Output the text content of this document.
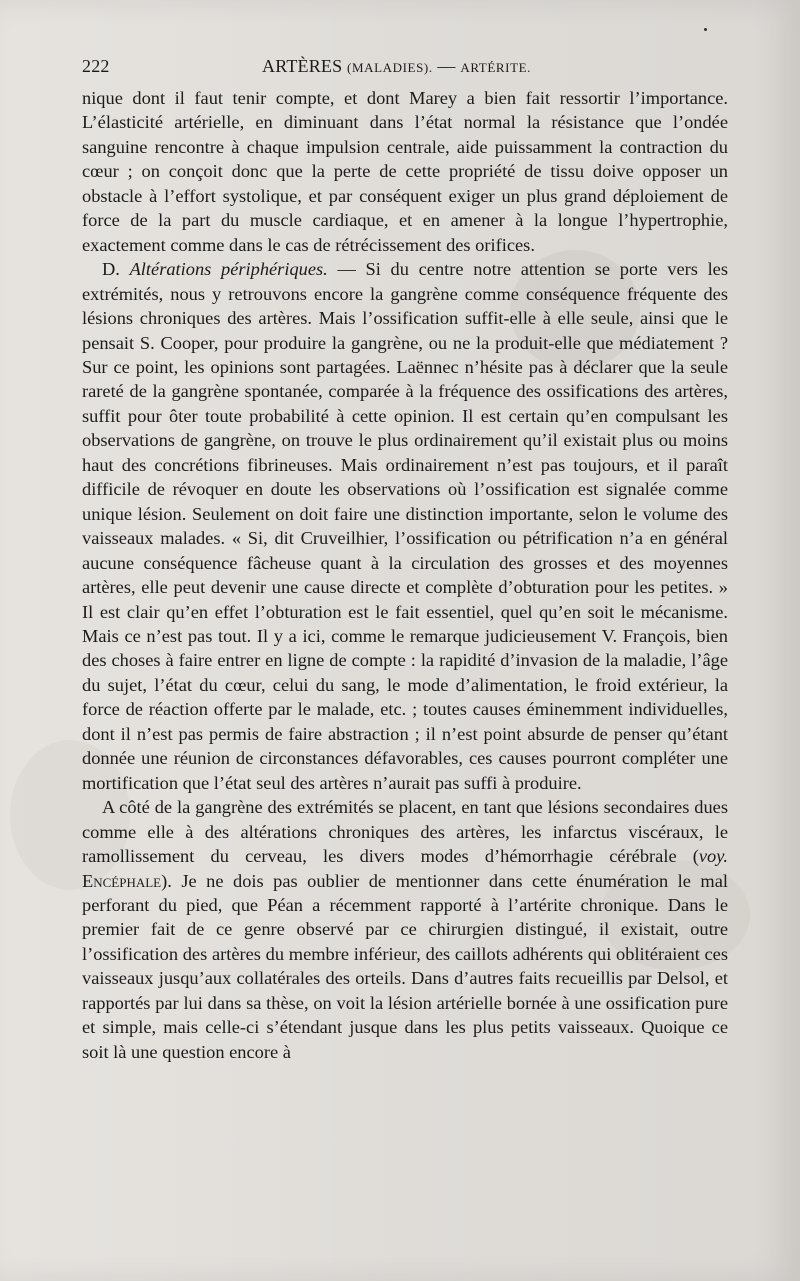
222	ARTÈRES (MALADIES). — ARTÉRITE.

nique dont il faut tenir compte, et dont Marey a bien fait ressortir l’importance. L’élasticité artérielle, en diminuant dans l’état normal la résistance que l’ondée sanguine rencontre à chaque impulsion centrale, aide puissamment la contraction du cœur ; on conçoit donc que la perte de cette propriété de tissu doive opposer un obstacle à l’effort systolique, et par conséquent exiger un plus grand déploiement de force de la part du muscle cardiaque, et en amener à la longue l’hypertrophie, exactement comme dans le cas de rétrécissement des orifices.

D. Altérations périphériques. — Si du centre notre attention se porte vers les extrémités, nous y retrouvons encore la gangrène comme conséquence fréquente des lésions chroniques des artères. Mais l’ossification suffit-elle à elle seule, ainsi que le pensait S. Cooper, pour produire la gangrène, ou ne la produit-elle que médiatement ? Sur ce point, les opinions sont partagées. Laënnec n’hésite pas à déclarer que la seule rareté de la gangrène spontanée, comparée à la fréquence des ossifications des artères, suffit pour ôter toute probabilité à cette opinion. Il est certain qu’en compulsant les observations de gangrène, on trouve le plus ordinairement qu’il existait plus ou moins haut des concrétions fibrineuses. Mais ordinairement n’est pas toujours, et il paraît difficile de révoquer en doute les observations où l’ossification est signalée comme unique lésion. Seulement on doit faire une distinction importante, selon le volume des vaisseaux malades. « Si, dit Cruveilhier, l’ossification ou pétrification n’a en général aucune conséquence fâcheuse quant à la circulation des grosses et des moyennes artères, elle peut devenir une cause directe et complète d’obturation pour les petites. » Il est clair qu’en effet l’obturation est le fait essentiel, quel qu’en soit le mécanisme. Mais ce n’est pas tout. Il y a ici, comme le remarque judicieusement V. François, bien des choses à faire entrer en ligne de compte : la rapidité d’invasion de la maladie, l’âge du sujet, l’état du cœur, celui du sang, le mode d’alimentation, le froid extérieur, la force de réaction offerte par le malade, etc. ; toutes causes éminemment individuelles, dont il n’est pas permis de faire abstraction ; il n’est point absurde de penser qu’étant donnée une réunion de circonstances défavorables, ces causes pourront compléter une mortification que l’état seul des artères n’aurait pas suffi à produire.

A côté de la gangrène des extrémités se placent, en tant que lésions secondaires dues comme elle à des altérations chroniques des artères, les infarctus viscéraux, le ramollissement du cerveau, les divers modes d’hémorrhagie cérébrale (voy. Encéphale). Je ne dois pas oublier de mentionner dans cette énumération le mal perforant du pied, que Péan a récemment rapporté à l’artérite chronique. Dans le premier fait de ce genre observé par ce chirurgien distingué, il existait, outre l’ossification des artères du membre inférieur, des caillots adhérents qui oblitéraient ces vaisseaux jusqu’aux collatérales des orteils. Dans d’autres faits recueillis par Delsol, et rapportés par lui dans sa thèse, on voit la lésion artérielle bornée à une ossification pure et simple, mais celle-ci s’étendant jusque dans les plus petits vaisseaux. Quoique ce soit là une question encore à
